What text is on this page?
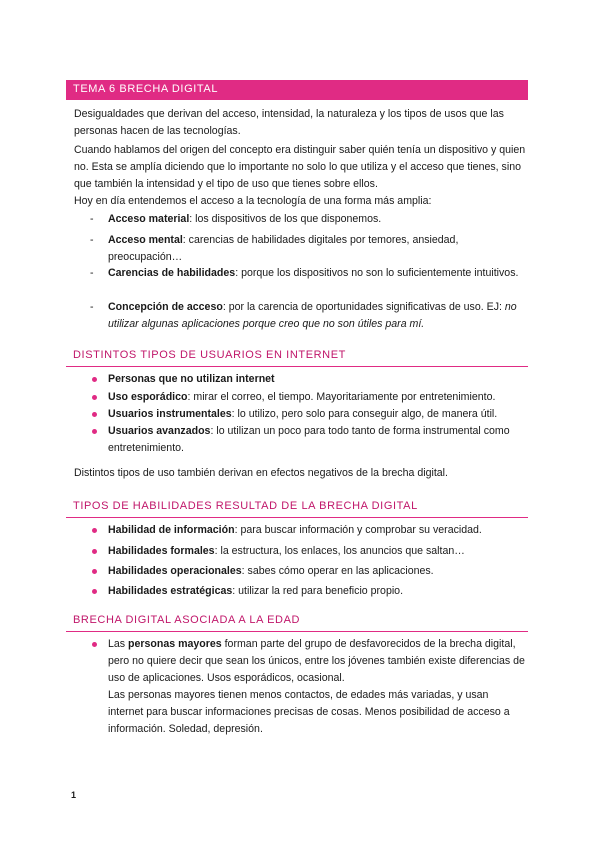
TEMA 6 BRECHA DIGITAL
Desigualdades que derivan del acceso, intensidad, la naturaleza y los tipos de usos que las personas hacen de las tecnologías.
Cuando hablamos del origen del concepto era distinguir saber quién tenía un dispositivo y quien no. Esta se amplía diciendo que lo importante no solo lo que utiliza y el acceso que tienes, sino que también la intensidad y el tipo de uso que tienes sobre ellos.
Hoy en día entendemos el acceso a la tecnología de una forma más amplia:
- Acceso material: los dispositivos de los que disponemos.
- Acceso mental: carencias de habilidades digitales por temores, ansiedad, preocupación…
- Carencias de habilidades: porque los dispositivos no son lo suficientemente intuitivos.
- Concepción de acceso: por la carencia de oportunidades significativas de uso. EJ: no utilizar algunas aplicaciones porque creo que no son útiles para mí.
DISTINTOS TIPOS DE USUARIOS EN INTERNET
Personas que no utilizan internet
Uso esporádico: mirar el correo, el tiempo. Mayoritariamente por entretenimiento.
Usuarios instrumentales: lo utilizo, pero solo para conseguir algo, de manera útil.
Usuarios avanzados: lo utilizan un poco para todo tanto de forma instrumental como entretenimiento.
Distintos tipos de uso también derivan en efectos negativos de la brecha digital.
TIPOS DE HABILIDADES RESULTAD DE LA BRECHA DIGITAL
Habilidad de información: para buscar información y comprobar su veracidad.
Habilidades formales: la estructura, los enlaces, los anuncios que saltan…
Habilidades operacionales: sabes cómo operar en las aplicaciones.
Habilidades estratégicas: utilizar la red para beneficio propio.
BRECHA DIGITAL ASOCIADA A LA EDAD
Las personas mayores forman parte del grupo de desfavorecidos de la brecha digital, pero no quiere decir que sean los únicos, entre los jóvenes también existe diferencias de uso de aplicaciones. Usos esporádicos, ocasional.
Las personas mayores tienen menos contactos, de edades más variadas, y usan internet para buscar informaciones precisas de cosas. Menos posibilidad de acceso a información. Soledad, depresión.
1
